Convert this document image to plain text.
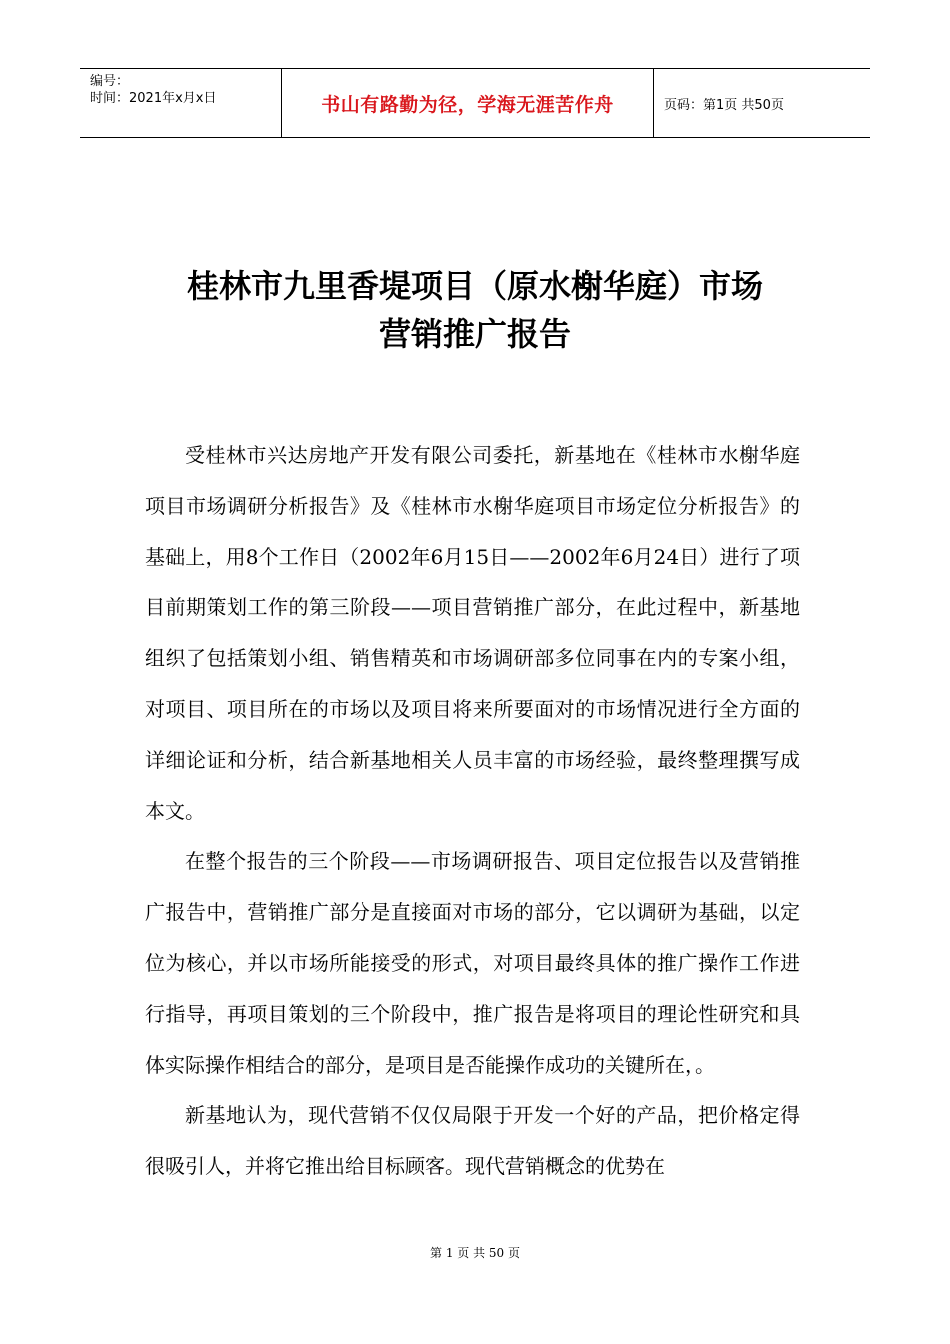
编号：
时间：2021年x月x日	书山有路勤为径，学海无涯苦作舟	页码：第1页 共50页
桂林市九里香堤项目（原水榭华庭）市场
营销推广报告

受桂林市兴达房地产开发有限公司委托，新基地在《桂林市水榭华庭项目市场调研分析报告》及《桂林市水榭华庭项目市场定位分析报告》的基础上，用8个工作日（2002年6月15日——2002年6月24日）进行了项目前期策划工作的第三阶段——项目营销推广部分，在此过程中，新基地组织了包括策划小组、销售精英和市场调研部多位同事在内的专案小组，对项目、项目所在的市场以及项目将来所要面对的市场情况进行全方面的详细论证和分析，结合新基地相关人员丰富的市场经验，最终整理撰写成本文。

在整个报告的三个阶段——市场调研报告、项目定位报告以及营销推广报告中，营销推广部分是直接面对市场的部分，它以调研为基础，以定位为核心，并以市场所能接受的形式，对项目最终具体的推广操作工作进行指导，再项目策划的三个阶段中，推广报告是将项目的理论性研究和具体实际操作相结合的部分，是项目是否能操作成功的关键所在，。

新基地认为，现代营销不仅仅局限于开发一个好的产品，把价格定得很吸引人，并将它推出给目标顾客。现代营销概念的优势在

第 1 页 共 50 页
